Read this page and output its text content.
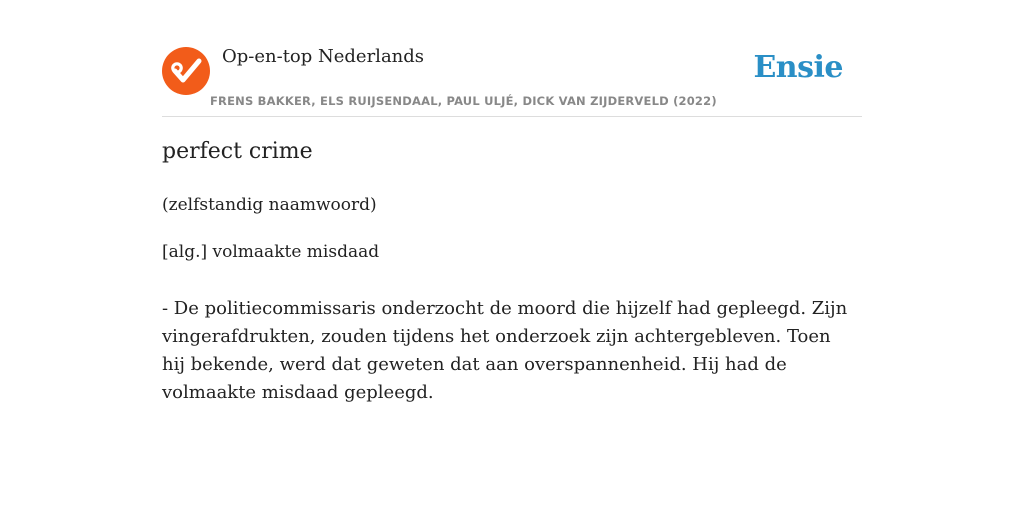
Op-en-top Nederlands
FRENS BAKKER, ELS RUIJSENDAAL, PAUL ULJÉ, DICK VAN ZIJDERVELD (2022)
Ensie
perfect crime
(zelfstandig naamwoord)
[alg.] volmaakte misdaad
- De politiecommissaris onderzocht de moord die hijzelf had gepleegd. Zijn vingerafdrukten, zouden tijdens het onderzoek zijn achtergebleven. Toen hij bekende, werd dat geweten dat aan overspannenheid. Hij had de volmaakte misdaad gepleegd.
